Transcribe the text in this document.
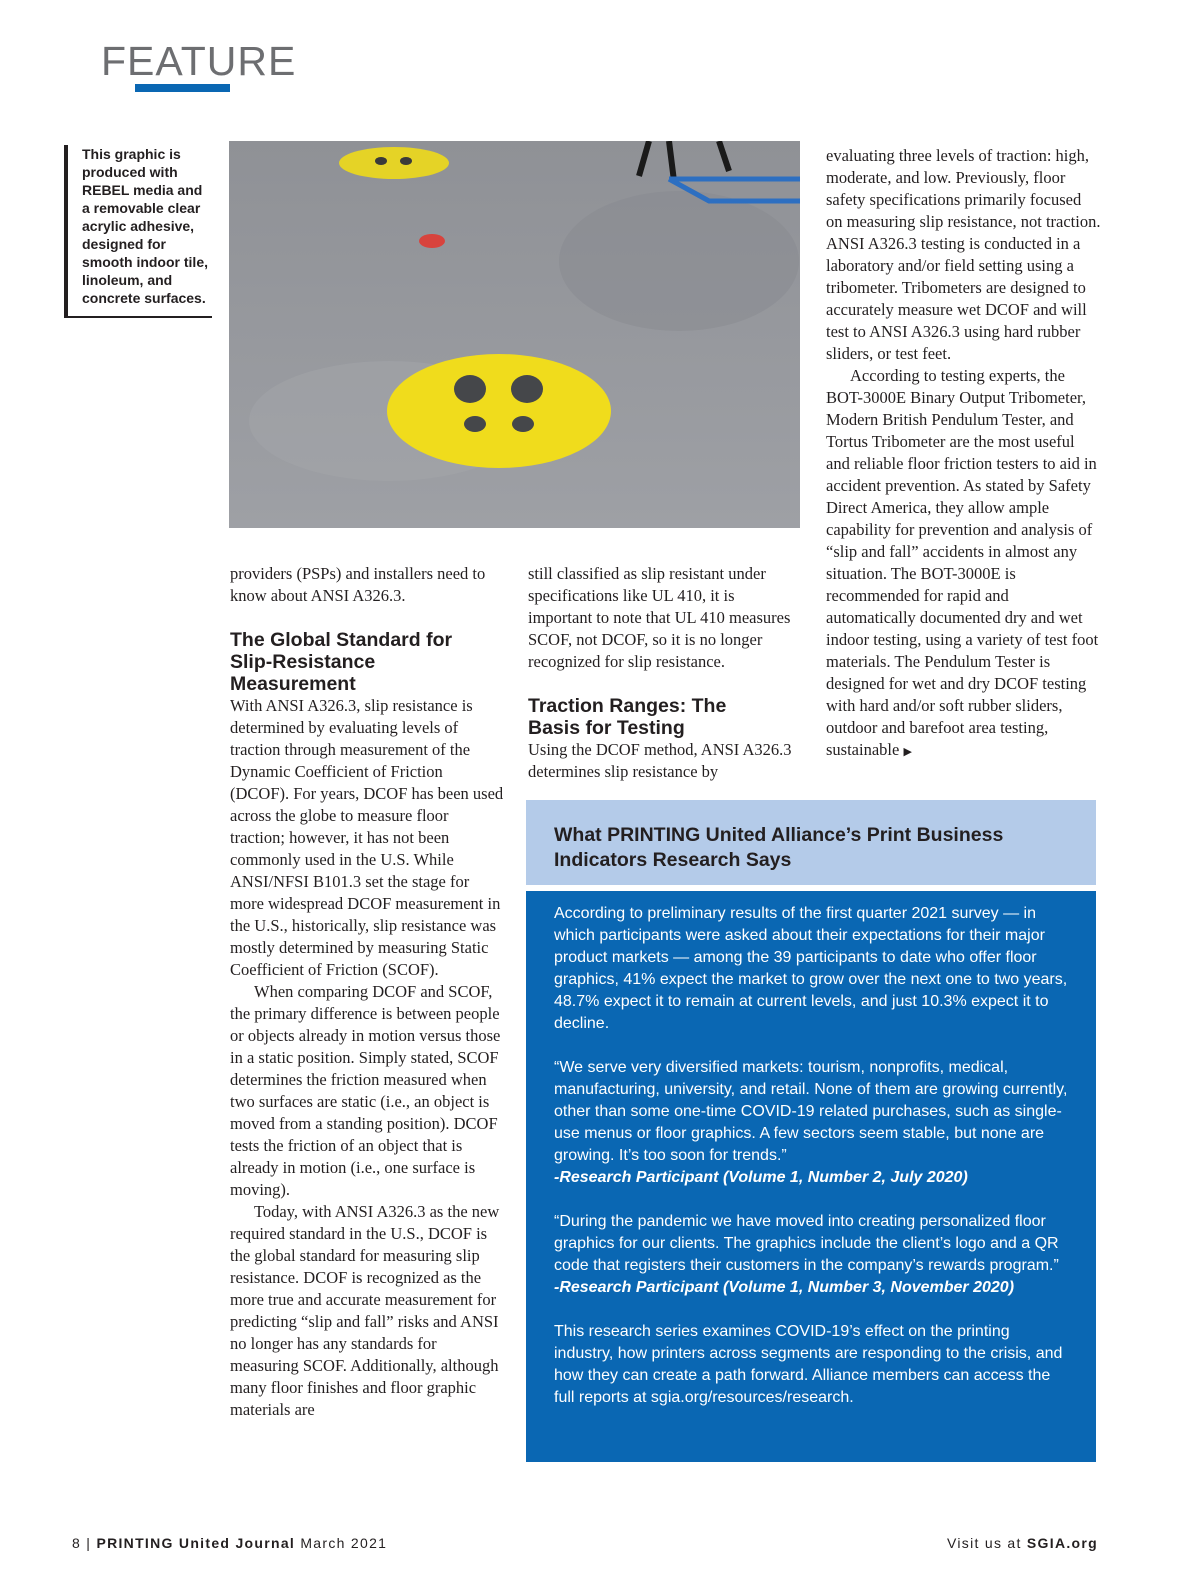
FEATURE
This graphic is produced with REBEL media and a removable clear acrylic adhesive, designed for smooth indoor tile, linoleum, and concrete surfaces.

providers (PSPs) and installers need to know about ANSI A326.3.

The Global Standard for Slip-Resistance Measurement

With ANSI A326.3, slip resistance is determined by evaluating levels of traction through measurement of the Dynamic Coefficient of Friction (DCOF). For years, DCOF has been used across the globe to measure floor traction; however, it has not been commonly used in the U.S. While ANSI/NFSI B101.3 set the stage for more widespread DCOF measurement in the U.S., historically, slip resistance was mostly determined by measuring Static Coefficient of Friction (SCOF).

When comparing DCOF and SCOF, the primary difference is between people or objects already in motion versus those in a static position. Simply stated, SCOF determines the friction measured when two surfaces are static (i.e., an object is moved from a standing position). DCOF tests the friction of an object that is already in motion (i.e., one surface is moving).

Today, with ANSI A326.3 as the new required standard in the U.S., DCOF is the global standard for measuring slip resistance. DCOF is recognized as the more true and accurate measurement for predicting “slip and fall” risks and ANSI no longer has any standards for measuring SCOF. Additionally, although many floor finishes and floor graphic materials are

still classified as slip resistant under specifications like UL 410, it is important to note that UL 410 measures SCOF, not DCOF, so it is no longer recognized for slip resistance.

Traction Ranges: The Basis for Testing

Using the DCOF method, ANSI A326.3 determines slip resistance by

evaluating three levels of traction: high, moderate, and low. Previously, floor safety specifications primarily focused on measuring slip resistance, not traction. ANSI A326.3 testing is conducted in a laboratory and/or field setting using a tribometer. Tribometers are designed to accurately measure wet DCOF and will test to ANSI A326.3 using hard rubber sliders, or test feet.

According to testing experts, the BOT-3000E Binary Output Tribometer, Modern British Pendulum Tester, and Tortus Tribometer are the most useful and reliable floor friction testers to aid in accident prevention. As stated by Safety Direct America, they allow ample capability for prevention and analysis of “slip and fall” accidents in almost any situation. The BOT-3000E is recommended for rapid and automatically documented dry and wet indoor testing, using a variety of test foot materials. The Pendulum Tester is designed for wet and dry DCOF testing with hard and/or soft rubber sliders, outdoor and barefoot area testing, sustainable ▶

What PRINTING United Alliance’s Print Business Indicators Research Says

According to preliminary results of the first quarter 2021 survey — in which participants were asked about their expectations for their major product markets — among the 39 participants to date who offer floor graphics, 41% expect the market to grow over the next one to two years, 48.7% expect it to remain at current levels, and just 10.3% expect it to decline.

“We serve very diversified markets: tourism, nonprofits, medical, manufacturing, university, and retail. None of them are growing currently, other than some one-time COVID-19 related purchases, such as single-use menus or floor graphics. A few sectors seem stable, but none are growing. It’s too soon for trends.”
-Research Participant (Volume 1, Number 2, July 2020)

“During the pandemic we have moved into creating personalized floor graphics for our clients. The graphics include the client’s logo and a QR code that registers their customers in the company’s rewards program.”
-Research Participant (Volume 1, Number 3, November 2020)

This research series examines COVID-19’s effect on the printing industry, how printers across segments are responding to the crisis, and how they can create a path forward. Alliance members can access the full reports at sgia.org/resources/research.

8 | PRINTING United Journal March 2021	Visit us at SGIA.org
